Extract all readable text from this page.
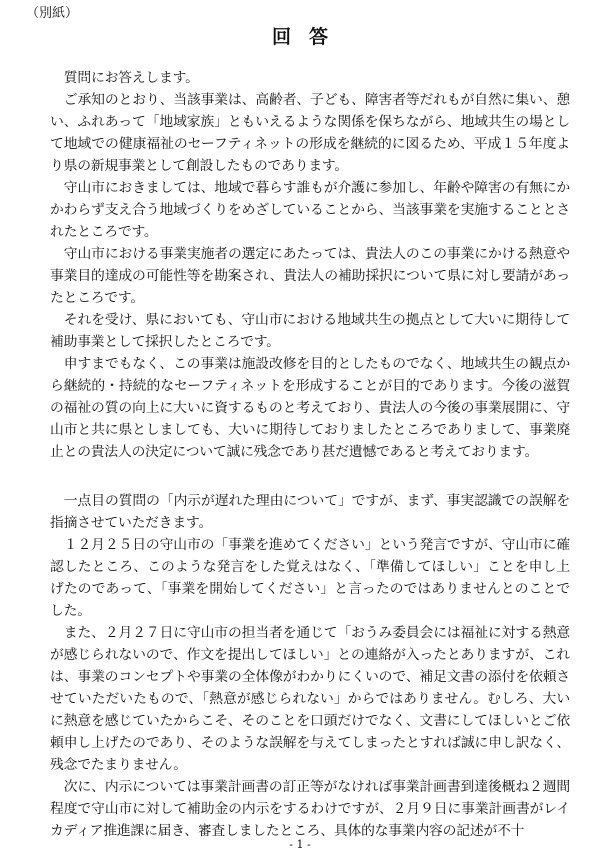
（別紙）
回答

質問にお答えします。

ご承知のとおり、当該事業は、高齢者、子ども、障害者等だれもが自然に集い、憩い、ふれあって「地域家族」ともいえるような関係を保ちながら、地域共生の場として地域での健康福祉のセーフティネットの形成を継続的に図るため、平成１５年度より県の新規事業として創設したものであります。

守山市におきましては、地域で暮らす誰もが介護に参加し、年齢や障害の有無にかかわらず支え合う地域づくりをめざしていることから、当該事業を実施することとされたところです。

守山市における事業実施者の選定にあたっては、貴法人のこの事業にかける熱意や事業目的達成の可能性等を勘案され、貴法人の補助採択について県に対し要請があったところです。

それを受け、県においても、守山市における地域共生の拠点として大いに期待して補助事業として採択したところです。

申すまでもなく、この事業は施設改修を目的としたものでなく、地域共生の観点から継続的・持続的なセーフティネットを形成することが目的であります。今後の滋賀の福祉の質の向上に大いに資するものと考えており、貴法人の今後の事業展開に、守山市と共に県としましても、大いに期待しておりましたところでありまして、事業廃止との貴法人の決定について誠に残念であり甚だ遺憾であると考えております。

一点目の質問の「内示が遅れた理由について」ですが、まず、事実認識での誤解を指摘させていただきます。

１２月２５日の守山市の「事業を進めてください」という発言ですが、守山市に確認したところ、このような発言をした覚えはなく、「準備してほしい」ことを申し上げたのであって、「事業を開始してください」と言ったのではありませんとのことでした。

また、２月２７日に守山市の担当者を通じて「おうみ委員会には福祉に対する熱意が感じられないので、作文を提出してほしい」との連絡が入ったとありますが、これは、事業のコンセプトや事業の全体像がわかりにくいので、補足文書の添付を依頼させていただいたもので、「熱意が感じられない」からではありません。むしろ、大いに熱意を感じていたからこそ、そのことを口頭だけでなく、文書にしてほしいとご依頼申し上げたのであり、そのような誤解を与えてしまったとすれば誠に申し訳なく、残念でたまりません。

次に、内示については事業計画書の訂正等がなければ事業計画書到達後概ね２週間程度で守山市に対して補助金の内示をするわけですが、２月９日に事業計画書がレイカディア推進課に届き、審査しましたところ、具体的な事業内容の記述が不十

- 1 -
